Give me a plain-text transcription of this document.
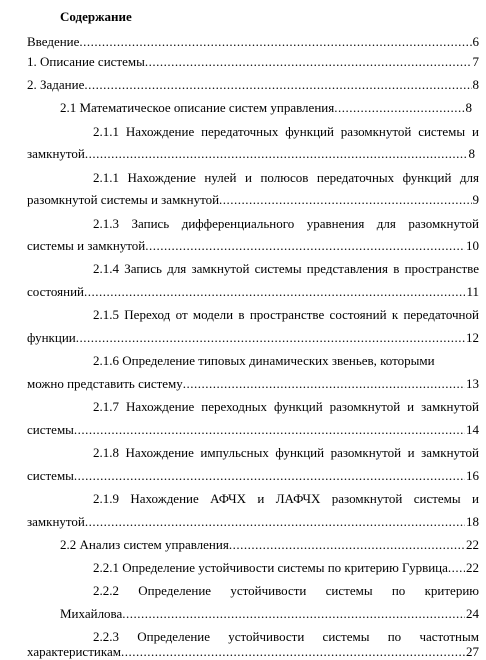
Содержание
Введение .....	6
1. Описание системы .....	7
2. Задание .....	8
2.1 Математическое описание систем управления .....	8
2.1.1 Нахождение передаточных функций разомкнутой системы и
замкнутой .....	8
2.1.1 Нахождение нулей и полюсов передаточных функций для
разомкнутой системы и замкнутой .....	9
2.1.3 Запись дифференциального уравнения для разомкнутой
системы и замкнутой .....	10
2.1.4 Запись для замкнутой системы представления в пространстве
состояний .....	11
2.1.5 Переход от модели в пространстве состояний к передаточной
функции .....	12
2.1.6 Определение типовых динамических звеньев, которыми
можно представить систему .....	13
2.1.7 Нахождение переходных функций разомкнутой и замкнутой
системы .....	14
2.1.8 Нахождение импульсных функций разомкнутой и замкнутой
системы .....	16
2.1.9 Нахождение АФЧХ и ЛАФЧХ разомкнутой системы и
замкнутой .....	18
2.2 Анализ систем управления .....	22
2.2.1 Определение устойчивости системы по критерию Гурвица ..... 22
2.2.2 Определение устойчивости системы по критерию
Михайлова .....	24
2.2.3 Определение устойчивости системы по частотным
характеристикам .....	27
